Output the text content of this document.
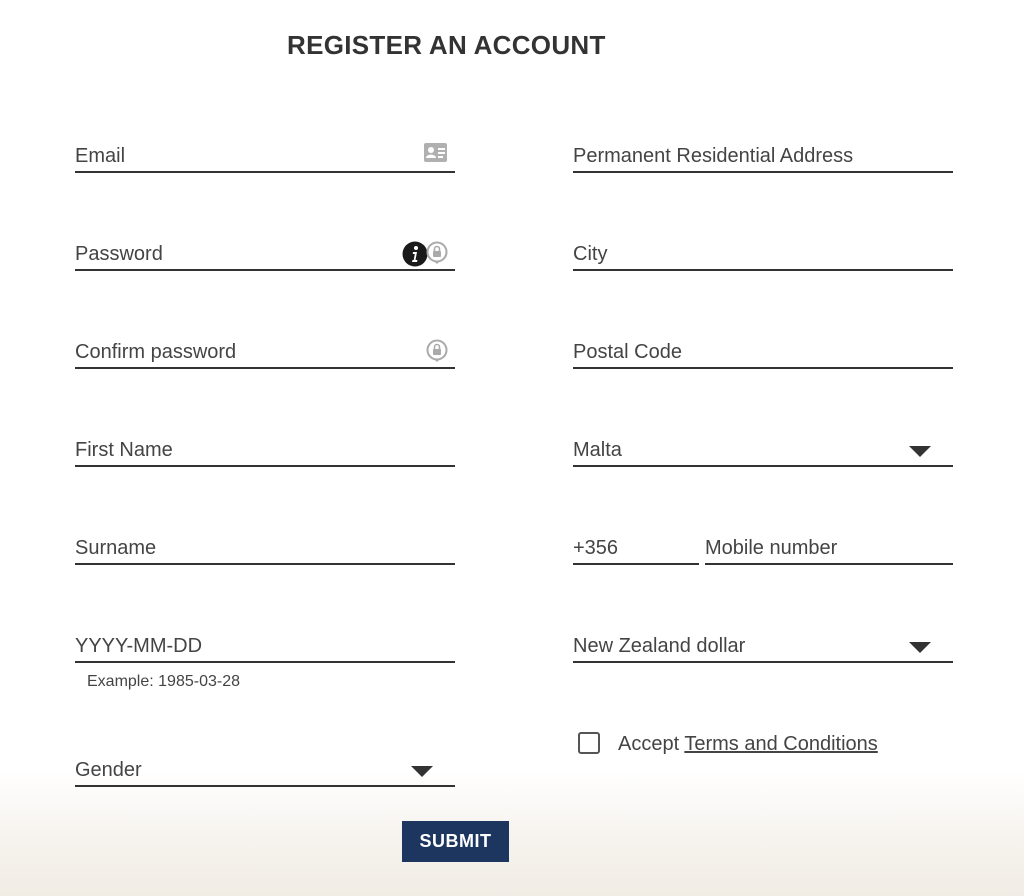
REGISTER AN ACCOUNT
Email
Password
Confirm password
First Name
Surname
YYYY-MM-DD
Example: 1985-03-28
Gender
Permanent Residential Address
City
Postal Code
Malta
+356
Mobile number
New Zealand dollar
Accept Terms and Conditions
SUBMIT
